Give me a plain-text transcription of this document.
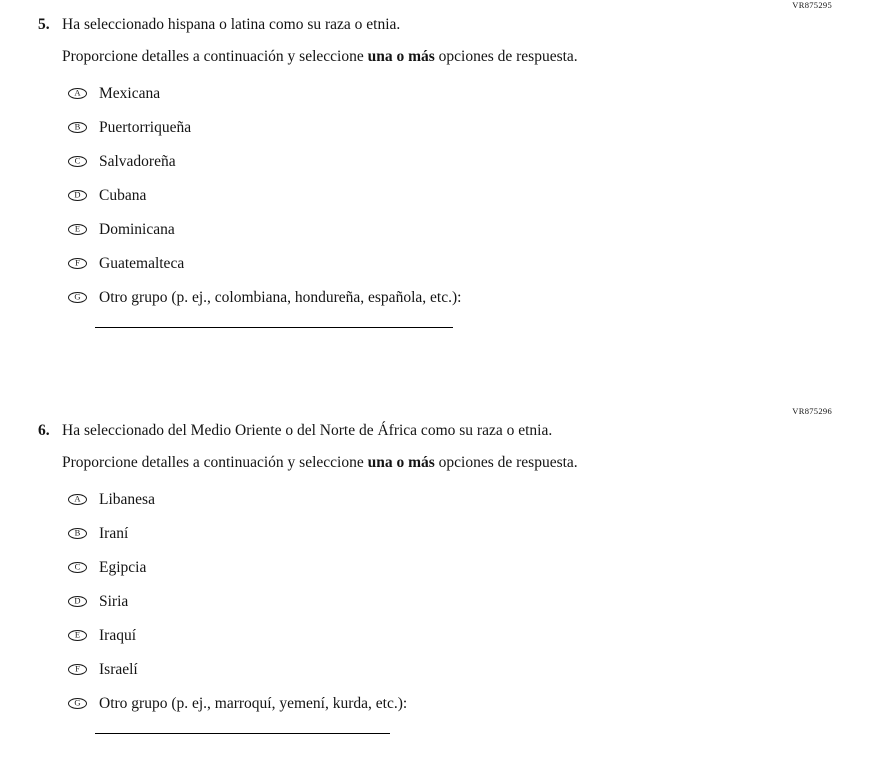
VR875295
5. Ha seleccionado hispana o latina como su raza o etnia.
Proporcione detalles a continuación y seleccione una o más opciones de respuesta.
A Mexicana
B Puertorriqueña
C Salvadoreña
D Cubana
E Dominicana
F Guatemalteca
G Otro grupo (p. ej., colombiana, hondureña, española, etc.):
VR875296
6. Ha seleccionado del Medio Oriente o del Norte de África como su raza o etnia.
Proporcione detalles a continuación y seleccione una o más opciones de respuesta.
A Libanesa
B Iraní
C Egipcia
D Siria
E Iraquí
F Israelí
G Otro grupo (p. ej., marroquí, yemení, kurda, etc.):
